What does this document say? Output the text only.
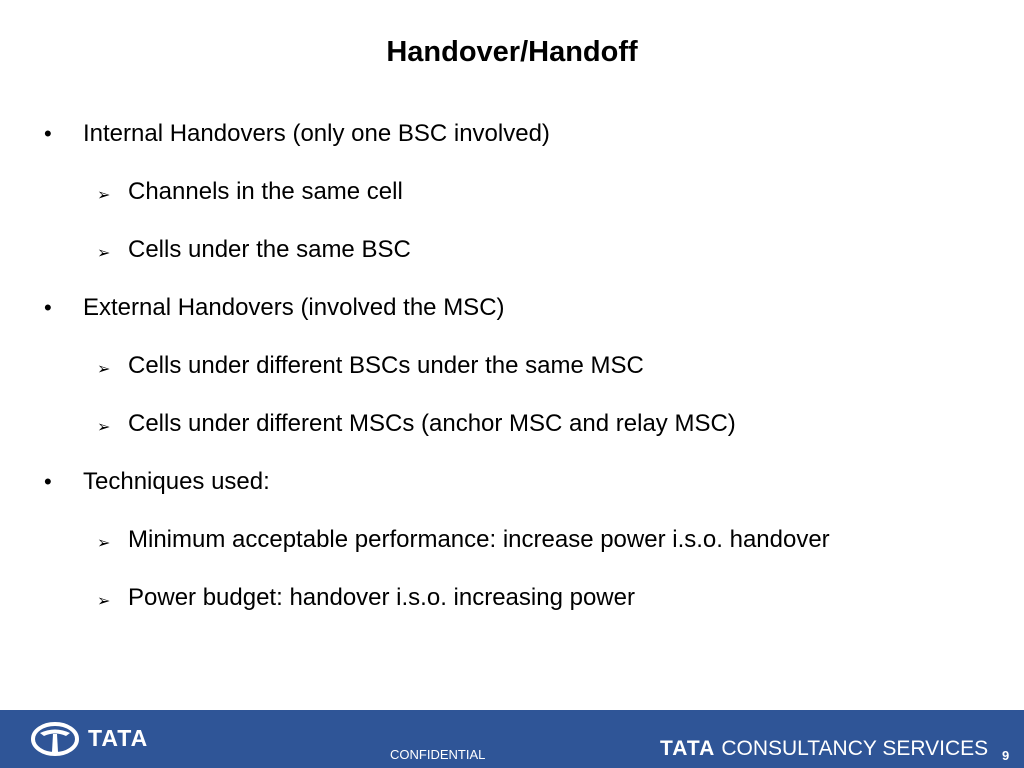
Handover/Handoff
• Internal Handovers (only one BSC involved)
➢ Channels in the same cell
➢ Cells under the same BSC
• External Handovers (involved the MSC)
➢ Cells under different BSCs under the same MSC
➢ Cells under different MSCs (anchor MSC and relay MSC)
• Techniques used:
➢ Minimum acceptable performance: increase power i.s.o. handover
➢ Power budget: handover i.s.o. increasing power
TATA
CONFIDENTIAL	TATA CONSULTANCY SERVICES 9
